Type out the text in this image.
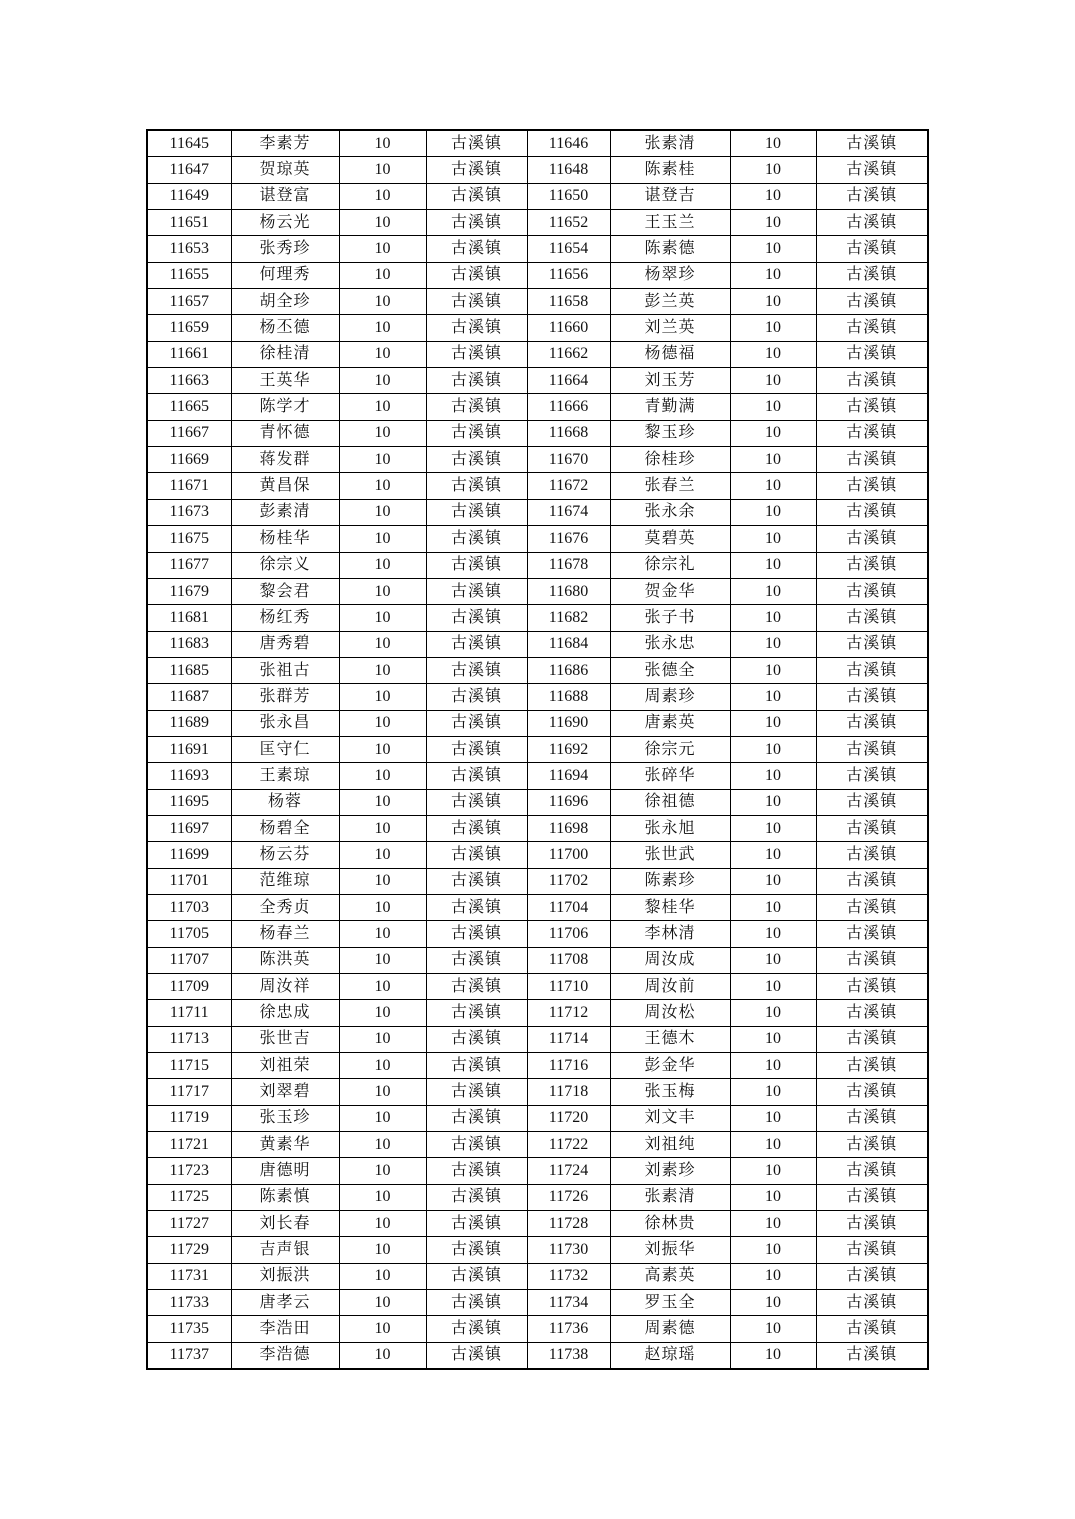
11645	李素芳	10	古溪镇	11646	张素清	10	古溪镇
11647	贺琼英	10	古溪镇	11648	陈素桂	10	古溪镇
11649	谌登富	10	古溪镇	11650	谌登吉	10	古溪镇
11651	杨云光	10	古溪镇	11652	王玉兰	10	古溪镇
11653	张秀珍	10	古溪镇	11654	陈素德	10	古溪镇
11655	何理秀	10	古溪镇	11656	杨翠珍	10	古溪镇
11657	胡全珍	10	古溪镇	11658	彭兰英	10	古溪镇
11659	杨丕德	10	古溪镇	11660	刘兰英	10	古溪镇
11661	徐桂清	10	古溪镇	11662	杨德福	10	古溪镇
11663	王英华	10	古溪镇	11664	刘玉芳	10	古溪镇
11665	陈学才	10	古溪镇	11666	青勤满	10	古溪镇
11667	青怀德	10	古溪镇	11668	黎玉珍	10	古溪镇
11669	蒋发群	10	古溪镇	11670	徐桂珍	10	古溪镇
11671	黄昌保	10	古溪镇	11672	张春兰	10	古溪镇
11673	彭素清	10	古溪镇	11674	张永余	10	古溪镇
11675	杨桂华	10	古溪镇	11676	莫碧英	10	古溪镇
11677	徐宗义	10	古溪镇	11678	徐宗礼	10	古溪镇
11679	黎会君	10	古溪镇	11680	贺金华	10	古溪镇
11681	杨红秀	10	古溪镇	11682	张子书	10	古溪镇
11683	唐秀碧	10	古溪镇	11684	张永忠	10	古溪镇
11685	张祖古	10	古溪镇	11686	张德全	10	古溪镇
11687	张群芳	10	古溪镇	11688	周素珍	10	古溪镇
11689	张永昌	10	古溪镇	11690	唐素英	10	古溪镇
11691	匡守仁	10	古溪镇	11692	徐宗元	10	古溪镇
11693	王素琼	10	古溪镇	11694	张碎华	10	古溪镇
11695	杨蓉	10	古溪镇	11696	徐祖德	10	古溪镇
11697	杨碧全	10	古溪镇	11698	张永旭	10	古溪镇
11699	杨云芬	10	古溪镇	11700	张世武	10	古溪镇
11701	范维琼	10	古溪镇	11702	陈素珍	10	古溪镇
11703	全秀贞	10	古溪镇	11704	黎桂华	10	古溪镇
11705	杨春兰	10	古溪镇	11706	李林清	10	古溪镇
11707	陈洪英	10	古溪镇	11708	周汝成	10	古溪镇
11709	周汝祥	10	古溪镇	11710	周汝前	10	古溪镇
11711	徐忠成	10	古溪镇	11712	周汝松	10	古溪镇
11713	张世吉	10	古溪镇	11714	王德木	10	古溪镇
11715	刘祖荣	10	古溪镇	11716	彭金华	10	古溪镇
11717	刘翠碧	10	古溪镇	11718	张玉梅	10	古溪镇
11719	张玉珍	10	古溪镇	11720	刘文丰	10	古溪镇
11721	黄素华	10	古溪镇	11722	刘祖纯	10	古溪镇
11723	唐德明	10	古溪镇	11724	刘素珍	10	古溪镇
11725	陈素慎	10	古溪镇	11726	张素清	10	古溪镇
11727	刘长春	10	古溪镇	11728	徐林贵	10	古溪镇
11729	吉声银	10	古溪镇	11730	刘振华	10	古溪镇
11731	刘振洪	10	古溪镇	11732	高素英	10	古溪镇
11733	唐孝云	10	古溪镇	11734	罗玉全	10	古溪镇
11735	李浩田	10	古溪镇	11736	周素德	10	古溪镇
11737	李浩德	10	古溪镇	11738	赵琼瑶	10	古溪镇
